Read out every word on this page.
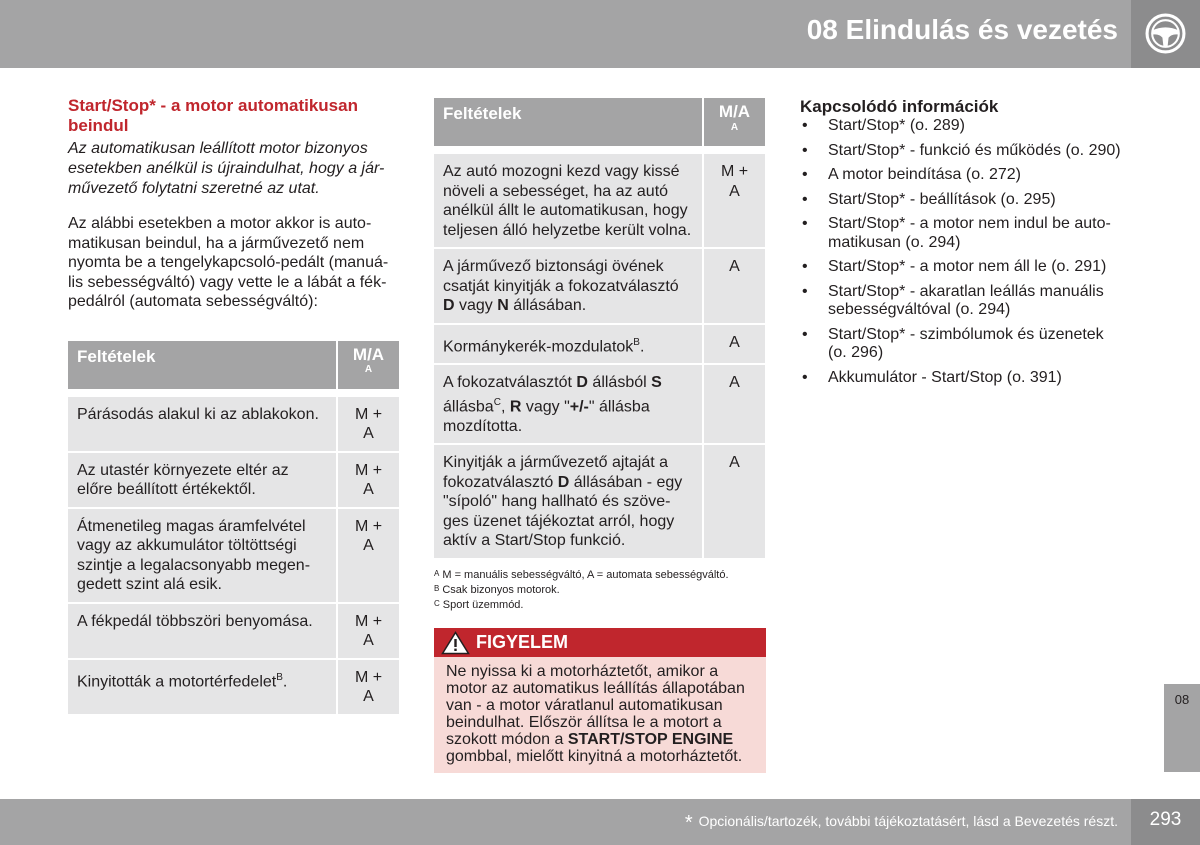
08 Elindulás és vezetés
Start/Stop* - a motor automatikusan beindul
Az automatikusan leállított motor bizonyos
esetekben anélkül is újraindulhat, hogy a jár-
művezető folytatni szeretné az utat.
Az alábbi esetekben a motor akkor is auto-
matikusan beindul, ha a járművezető nem
nyomta be a tengelykapcsoló-pedált (manuá-
lis sebességváltó) vagy vette le a lábát a fék-
pedálról (automata sebességváltó):
Feltételek	M/A
A

Párásodás alakul ki az ablakokon.	M +
A

Az utastér környezete eltér az
előre beállított értékektől.	M +
A

Átmenetileg magas áramfelvétel
vagy az akkumulátor töltöttségi
szintje a legalacsonyabb megen-
gedett szint alá esik.	M +
A

A fékpedál többszöri benyomása.	M +
A

Kinyitották a motortérfedelet$^B$.	M +
A
Feltételek	M/A
A

Az autó mozogni kezd vagy kissé
növeli a sebességet, ha az autó
anélkül állt le automatikusan, hogy
teljesen álló helyzetbe került volna.	M +
A

A járművező biztonsági övének
csatját kinyitják a fokozatválasztó
D vagy N állásában.	A

Kormánykerék-mozdulatok$^B$.	A

A fokozatválasztót D állásból S
állásba$^C$, R vagy "+/-" állásba
mozdította.	A

Kinyitják a járművezető ajtaját a
fokozatválasztó D állásában - egy
"sípoló" hang hallható és szöve-
ges üzenet tájékoztat arról, hogy
aktív a Start/Stop funkció.	A
A M = manuális sebességváltó, A = automata sebességváltó.
B Csak bizonyos motorok.
C Sport üzemmód.
FIGYELEM
Ne nyissa ki a motorháztetőt, amikor a
motor az automatikus leállítás állapotában
van - a motor váratlanul automatikusan
beindulhat. Először állítsa le a motort a
szokott módon a START/STOP ENGINE
gombbal, mielőtt kinyitná a motorháztetőt.
Kapcsolódó információk
• Start/Stop* (o. 289)
• Start/Stop* - funkció és működés (o. 290)
• A motor beindítása (o. 272)
• Start/Stop* - beállítások (o. 295)
• Start/Stop* - a motor nem indul be auto-
matikusan (o. 294)
• Start/Stop* - a motor nem áll le (o. 291)
• Start/Stop* - akaratlan leállás manuális
sebességváltóval (o. 294)
• Start/Stop* - szimbólumok és üzenetek
(o. 296)
• Akkumulátor - Start/Stop (o. 391)
08
* Opcionális/tartozék, további tájékoztatásért, lásd a Bevezetés részt.	293
